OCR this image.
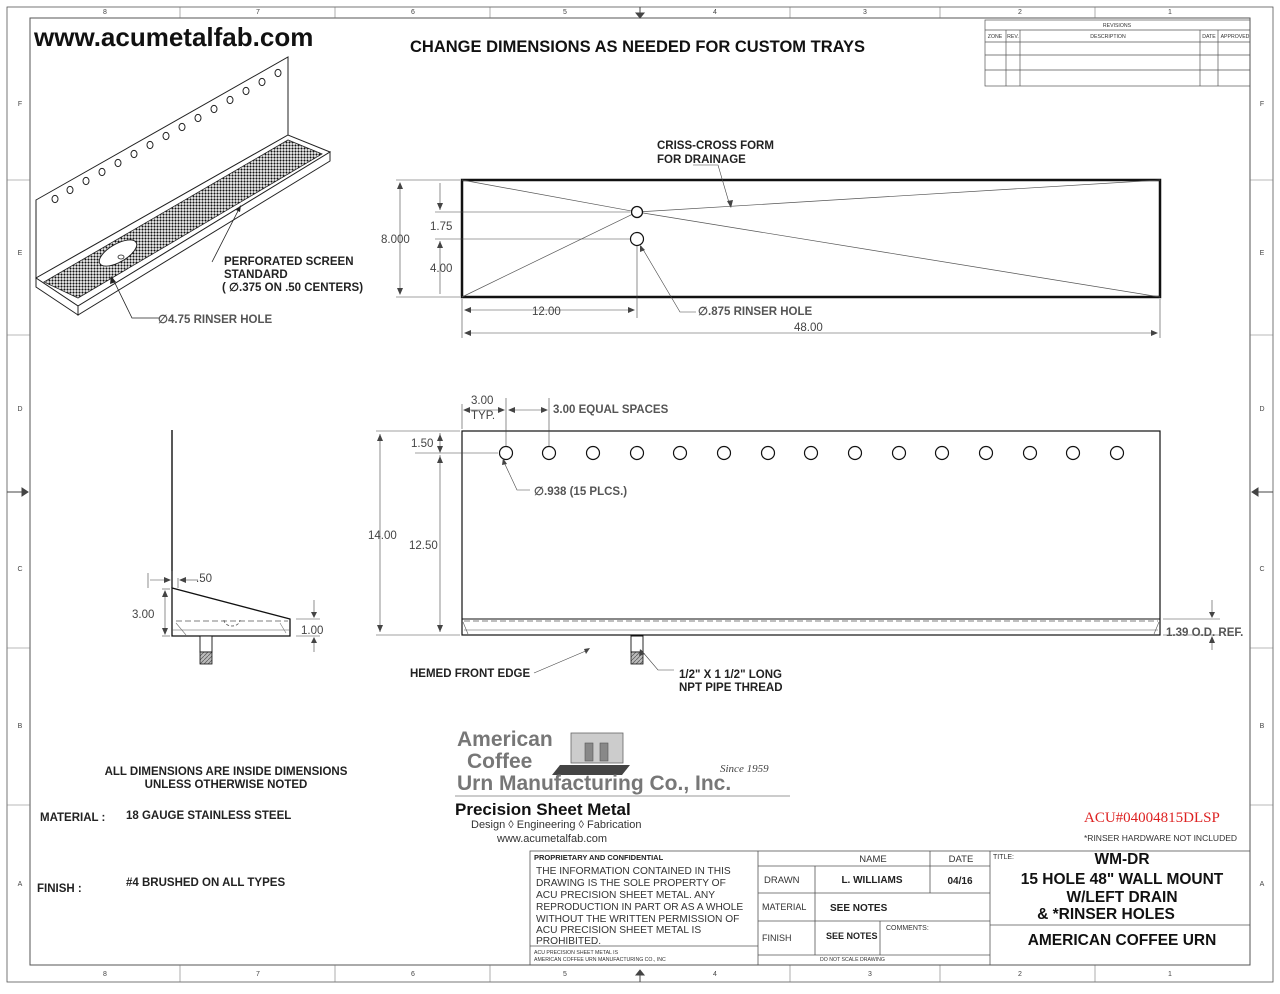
8	7	6	5	4	3	2	1
8	7	6	5	4	3	2	1
F
E
D
C
B
A
F
E
D
C
B
A
www.acumetalfab.com	CHANGE DIMENSIONS AS NEEDED FOR CUSTOM TRAYS
REVISIONS
ZONE REV.	DESCRIPTION	DATE APPROVED
PERFORATED SCREEN
STANDARD
( ∅.375 ON .50 CENTERS)
∅4.75 RINSER HOLE
8.000
1.75
4.00
12.00
48.00
∅.875 RINSER HOLE
CRISS-CROSS FORM
FOR DRAINAGE
.50
3.00
1.00
3.00
TYP.	3.00 EQUAL SPACES
1.50
14.00
12.50
∅.938 (15 PLCS.)
1.39 O.D. REF.
HEMED FRONT EDGE	1/2" X 1 1/2" LONG
NPT PIPE THREAD
ALL DIMENSIONS ARE INSIDE DIMENSIONS
UNLESS OTHERWISE NOTED
MATERIAL : 18 GAUGE STAINLESS STEEL
FINISH :	#4 BRUSHED ON ALL TYPES
American
Coffee
Urn Manufacturing Co., Inc.
Since 1959
Precision Sheet Metal
Design ◊ Engineering ◊ Fabrication
www.acumetalfab.com
ACU#04004815DLSP
*RINSER HARDWARE NOT INCLUDED
PROPRIETARY AND CONFIDENTIAL
THE INFORMATION CONTAINED IN THIS
DRAWING IS THE SOLE PROPERTY OF
ACU PRECISION SHEET METAL. ANY
REPRODUCTION IN PART OR AS A WHOLE
WITHOUT THE WRITTEN PERMISSION OF
ACU PRECISION SHEET METAL IS
PROHIBITED.
ACU PRECISION SHEET METAL IS
AMERICAN COFFEE URN MANUFACTURING CO., INC
NAME	DATE
DRAWN	L. WILLIAMS	04/16
MATERIAL SEE NOTES
FINISH	SEE NOTES
COMMENTS:
DO NOT SCALE DRAWING
TITLE:	WM-DR
15 HOLE 48" WALL MOUNT
W/LEFT DRAIN
& *RINSER HOLES
AMERICAN COFFEE URN
